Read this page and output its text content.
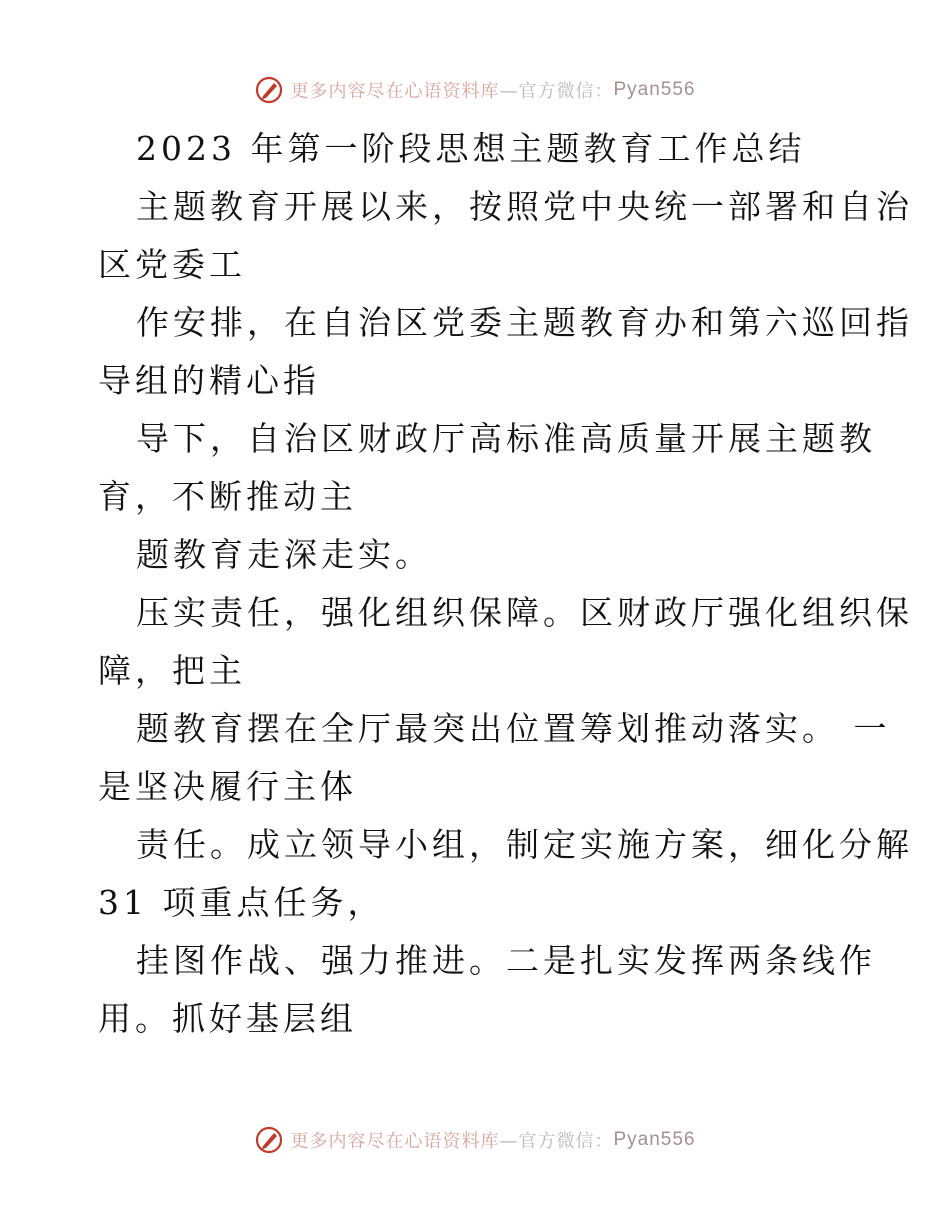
更多内容尽在心语资料库 —官方微信： Pyan556
2023 年第一阶段思想主题教育工作总结
主题教育开展以来，按照党中央统一部署和自治
区党委工
作安排，在自治区党委主题教育办和第六巡回指
导组的精心指
导下，自治区财政厅高标准高质量开展主题教
育，不断推动主
题教育走深走实。
压实责任，强化组织保障。区财政厅强化组织保
障，把主
题教育摆在全厅最突出位置筹划推动落实。 一
是坚决履行主体
责任。成立领导小组，制定实施方案，细化分解
31 项重点任务，
挂图作战、强力推进。二是扎实发挥两条线作
用。抓好基层组
更多内容尽在心语资料库 —官方微信： Pyan556
